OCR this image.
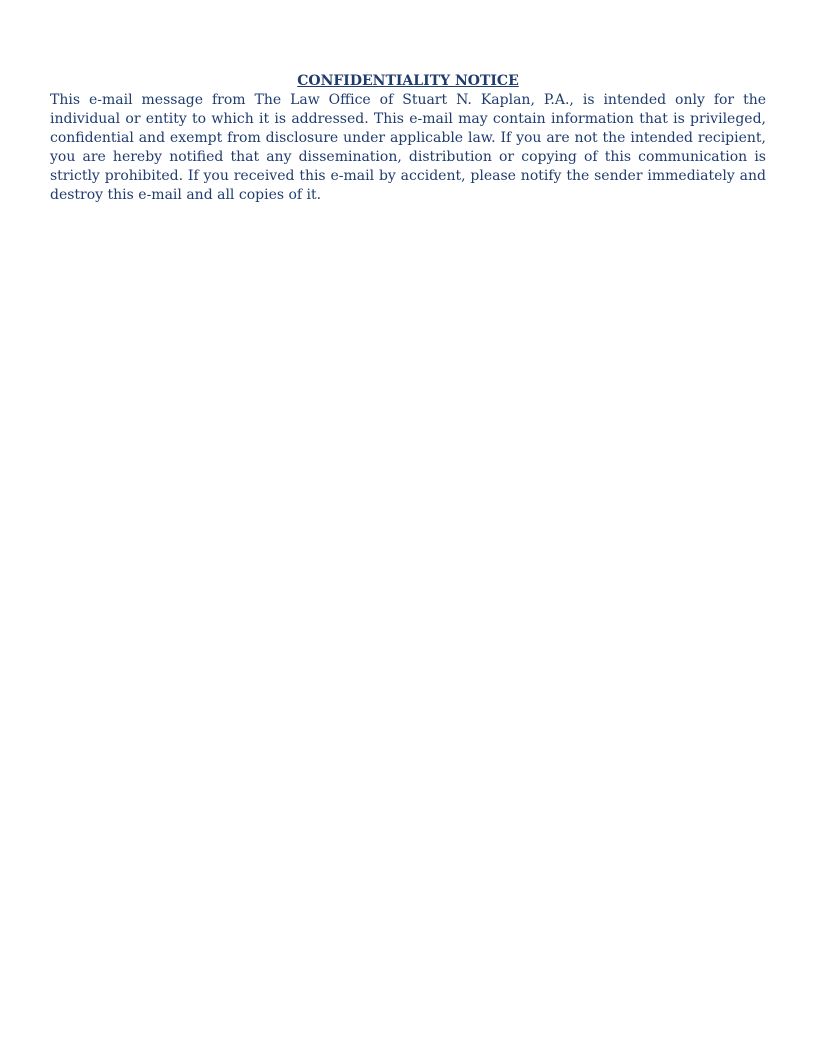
CONFIDENTIALITY NOTICE

This e-mail message from The Law Office of Stuart N. Kaplan, P.A., is intended only for the individual or entity to which it is addressed. This e-mail may contain information that is privileged, confidential and exempt from disclosure under applicable law. If you are not the intended recipient, you are hereby notified that any dissemination, distribution or copying of this communication is strictly prohibited. If you received this e-mail by accident, please notify the sender immediately and destroy this e-mail and all copies of it.
